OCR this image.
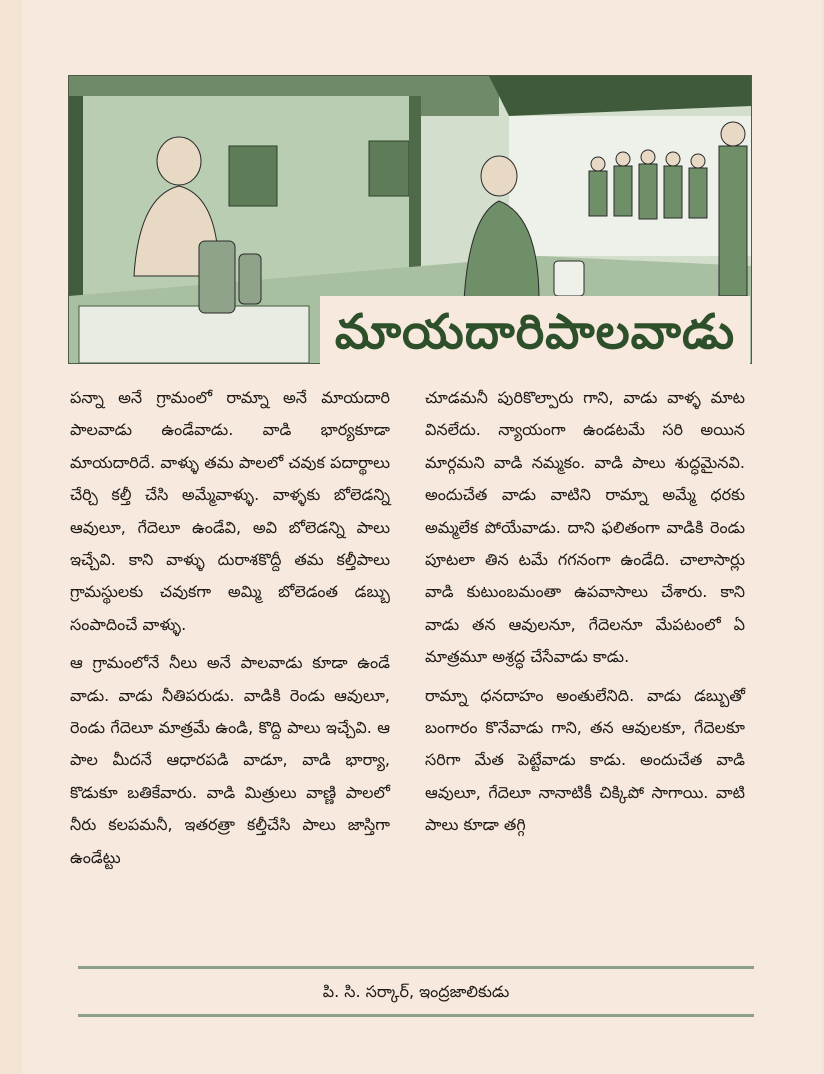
మాయదారిపాలవాడు

పన్నా అనే గ్రామంలో రామ్నా అనే మాయదారి పాలవాడు ఉండేవాడు. వాడి భార్యకూడా మాయదారిదే. వాళ్ళు తమ పాలలో చవుక పదార్థాలు చేర్చి కల్తీ చేసి అమ్మేవాళ్ళు. వాళ్ళకు బోలెడన్ని ఆవులూ, గేదెలూ ఉండేవి, అవి బోలెడన్ని పాలు ఇచ్చేవి. కాని వాళ్ళు దురాశకొద్దీ తమ కల్తీపాలు గ్రామస్థులకు చవుకగా అమ్మి బోలెడంత డబ్బు సంపాదించే వాళ్ళు.

ఆ గ్రామంలోనే నీలు అనే పాలవాడు కూడా ఉండే వాడు. వాడు నీతిపరుడు. వాడికి రెండు ఆవులూ, రెండు గేదెలూ మాత్రమే ఉండి, కొద్ది పాలు ఇచ్చేవి. ఆ పాల మీదనే ఆధారపడి వాడూ, వాడి భార్యా, కొడుకూ బతికేవారు. వాడి మిత్రులు వాణ్ణి పాలలో నీరు కలపమనీ, ఇతరత్రా కల్తీచేసి పాలు జాస్తిగా ఉండేట్టు

చూడమనీ పురికొల్పారు గాని, వాడు వాళ్ళ మాట వినలేదు. న్యాయంగా ఉండటమే సరి అయిన మార్గమని వాడి నమ్మకం. వాడి పాలు శుద్ధమైనవి. అందుచేత వాడు వాటిని రామ్నా అమ్మే ధరకు అమ్మలేక పోయేవాడు. దాని ఫలితంగా వాడికి రెండు పూటలా తిన టమే గగనంగా ఉండేది. చాలాసార్లు వాడి కుటుంబమంతా ఉపవాసాలు చేశారు. కాని వాడు తన ఆవులనూ, గేదెలనూ మేపటంలో ఏ మాత్రమూ అశ్రద్ధ చేసేవాడు కాడు.

రామ్నా ధనదాహం అంతులేనిది. వాడు డబ్బుతో బంగారం కొనేవాడు గాని, తన ఆవులకూ, గేదెలకూ సరిగా మేత పెట్టేవాడు కాడు. అందుచేత వాడి ఆవులూ, గేదెలూ నానాటికీ చిక్కిపో సాగాయి. వాటి పాలు కూడా తగ్గి

పి. సి. సర్కార్, ఇంద్రజాలికుడు
